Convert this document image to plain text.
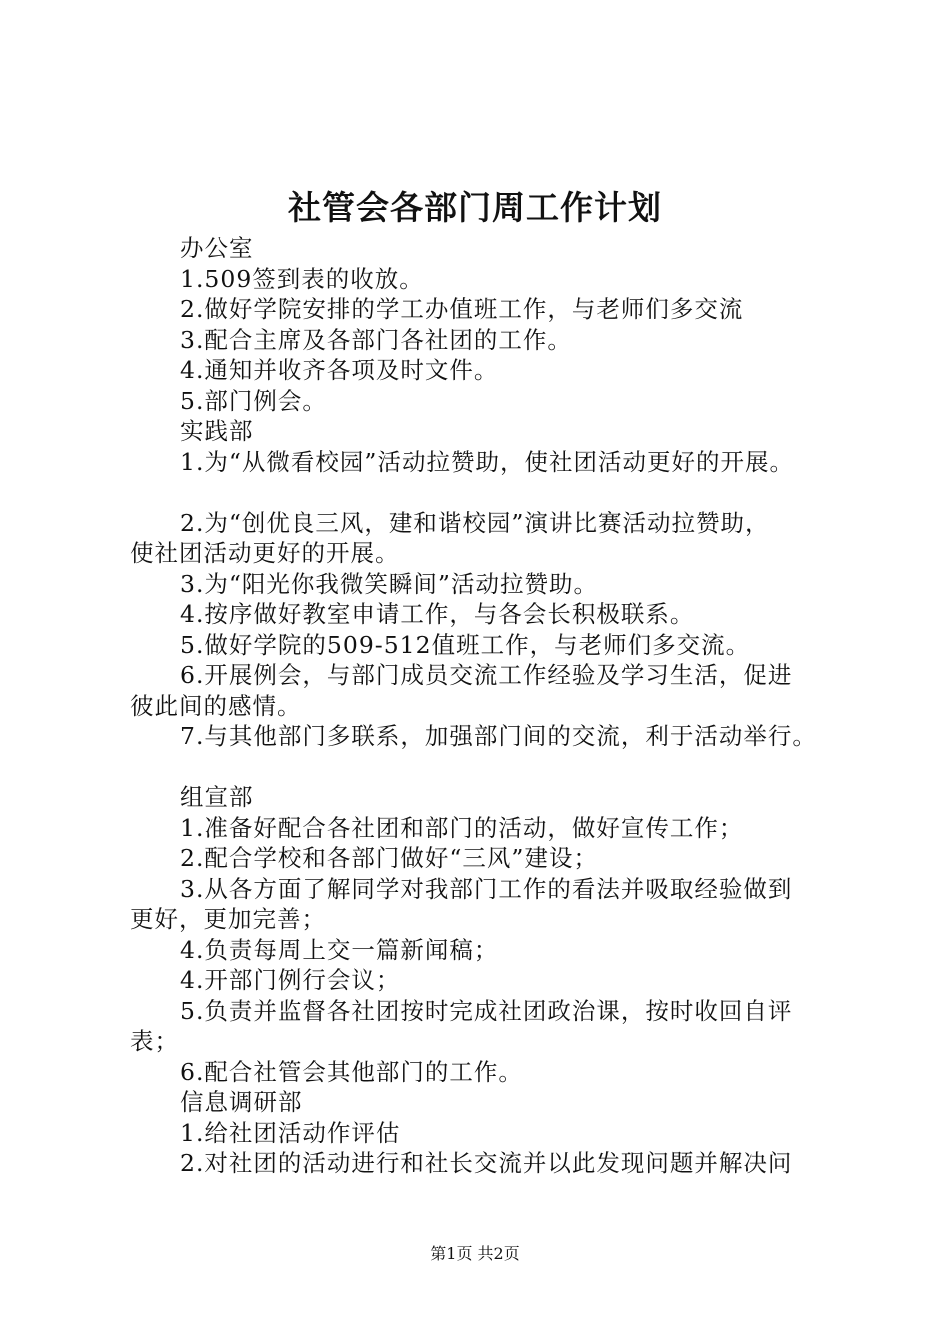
社管会各部门周工作计划
办公室
1.509签到表的收放。
2.做好学院安排的学工办值班工作，与老师们多交流
3.配合主席及各部门各社团的工作。
4.通知并收齐各项及时文件。
5.部门例会。
实践部
1.为“从微看校园”活动拉赞助，使社团活动更好的开展。
2.为“创优良三风，建和谐校园”演讲比赛活动拉赞助，
使社团活动更好的开展。
3.为“阳光你我微笑瞬间”活动拉赞助。
4.按序做好教室申请工作，与各会长积极联系。
5.做好学院的509-512值班工作，与老师们多交流。
6.开展例会，与部门成员交流工作经验及学习生活，促进
彼此间的感情。
7.与其他部门多联系，加强部门间的交流，利于活动举行。
组宣部
1.准备好配合各社团和部门的活动，做好宣传工作；
2.配合学校和各部门做好“三风”建设；
3.从各方面了解同学对我部门工作的看法并吸取经验做到
更好，更加完善；
4.负责每周上交一篇新闻稿；
4.开部门例行会议；
5.负责并监督各社团按时完成社团政治课，按时收回自评
表；
6.配合社管会其他部门的工作。
信息调研部
1.给社团活动作评估
2.对社团的活动进行和社长交流并以此发现问题并解决问
第1页 共2页
